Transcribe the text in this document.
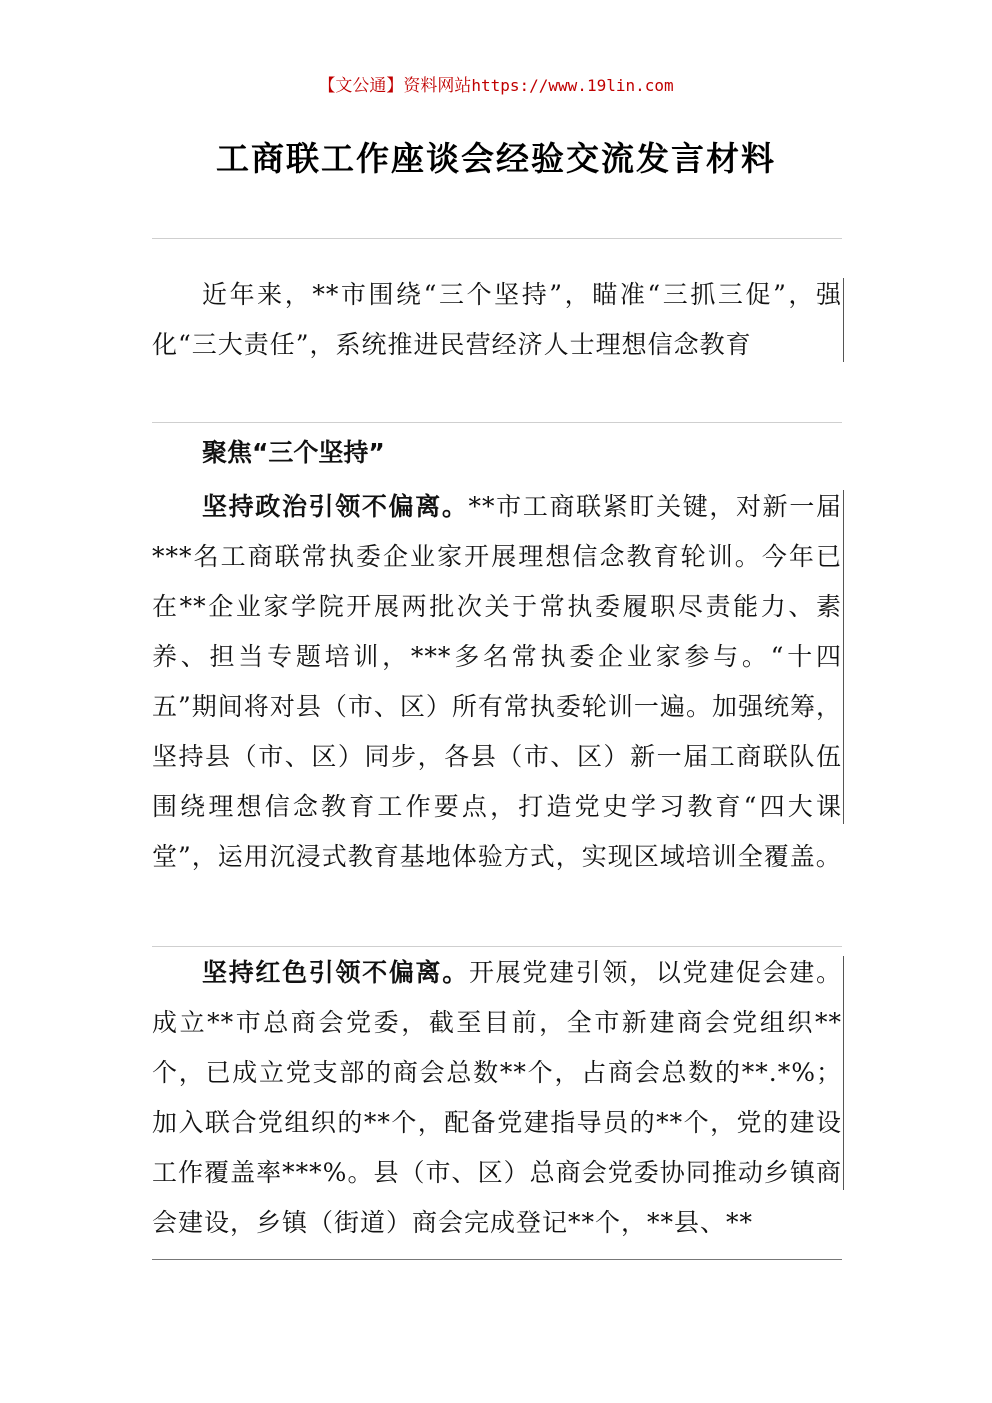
【文公通】资料网站https://www.19lin.com
工商联工作座谈会经验交流发言材料

近年来，**市围绕“三个坚持”，瞄准“三抓三促”，强化“三大责任”，系统推进民营经济人士理想信念教育

聚焦“三个坚持”

坚持政治引领不偏离。**市工商联紧盯关键，对新一届***名工商联常执委企业家开展理想信念教育轮训。今年已在**企业家学院开展两批次关于常执委履职尽责能力、素养、担当专题培训，***多名常执委企业家参与。“十四五”期间将对县（市、区）所有常执委轮训一遍。加强统筹，坚持县（市、区）同步，各县（市、区）新一届工商联队伍围绕理想信念教育工作要点，打造党史学习教育“四大课堂”，运用沉浸式教育基地体验方式，实现区域培训全覆盖。

坚持红色引领不偏离。开展党建引领，以党建促会建。成立**市总商会党委，截至目前，全市新建商会党组织**个，已成立党支部的商会总数**个，占商会总数的**.*%；加入联合党组织的**个，配备党建指导员的**个，党的建设工作覆盖率***%。县（市、区）总商会党委协同推动乡镇商会建设，乡镇（街道）商会完成登记**个，**县、**
